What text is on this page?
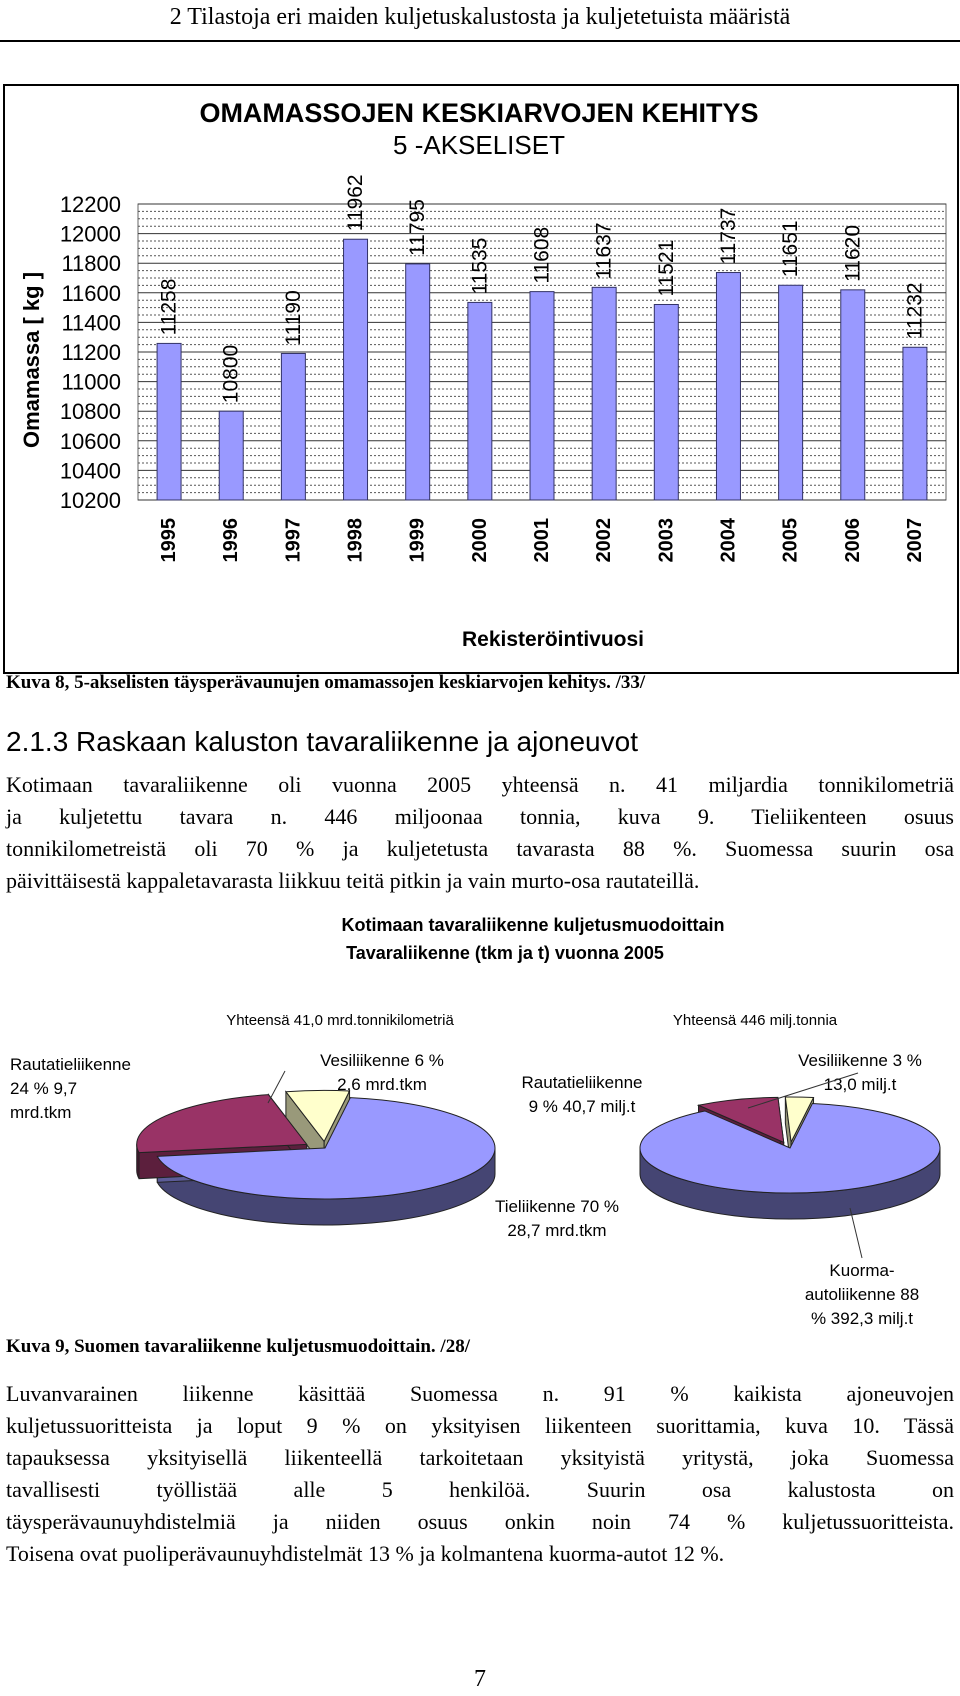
2 Tilastoja eri maiden kuljetuskalustosta ja kuljetetuista määristä
OMAMASSOJEN KESKIARVOJEN KEHITYS
5 -AKSELISET
10200
10400
10600
10800
11000
11200
11400
11600
11800
12000
12200
Omamassa [ kg ]	11258
1995
10800
1996
11190
1997
11962
1998
11795
1999
11535
2000
11608
2001
11637
2002
11521
2003
11737
2004
11651
2005
11620
2006
11232
2007
Rekisteröintivuosi
Kuva 8, 5-akselisten täysperävaunujen omamassojen keskiarvojen kehitys. /33/
2.1.3 Raskaan kaluston tavaraliikenne ja ajoneuvot
Kotimaan tavaraliikenne oli vuonna 2005 yhteensä n. 41 miljardia tonnikilometriä
ja kuljetettu tavara n. 446 miljoonaa tonnia, kuva 9. Tieliikenteen osuus
tonnikilometreistä oli 70 % ja kuljetetusta tavarasta 88 %. Suomessa suurin osa
päivittäisestä kappaletavarasta liikkuu teitä pitkin ja vain murto-osa rautateillä.
Kotimaan tavaraliikenne kuljetusmuodoittain
Tavaraliikenne (tkm ja t) vuonna 2005
Yhteensä 41,0 mrd.tonnikilometriä	Yhteensä 446 milj.tonnia
Rautatieliikenne
24 % 9,7
mrd.tkm
Vesiliikenne 6 %
2,6 mrd.tkm
Tieliikenne 70 %
28,7 mrd.tkm
Vesiliikenne 3 %
13,0 milj.t
Rautatieliikenne
9 % 40,7 milj.t
Kuorma-
autoliikenne 88
% 392,3 milj.t
Kuva 9, Suomen tavaraliikenne kuljetusmuodoittain. /28/
Luvanvarainen liikenne käsittää Suomessa n. 91 % kaikista ajoneuvojen
kuljetussuoritteista ja loput 9 % on yksityisen liikenteen suorittamia, kuva 10. Tässä
tapauksessa yksityisellä liikenteellä tarkoitetaan yksityistä yritystä, joka Suomessa
tavallisesti työllistää alle 5 henkilöä. Suurin osa kalustosta on
täysperävaunuyhdistelmiä ja niiden osuus onkin noin 74 % kuljetussuoritteista.
Toisena ovat puoliperävaunuyhdistelmät 13 % ja kolmantena kuorma-autot 12 %.
7
